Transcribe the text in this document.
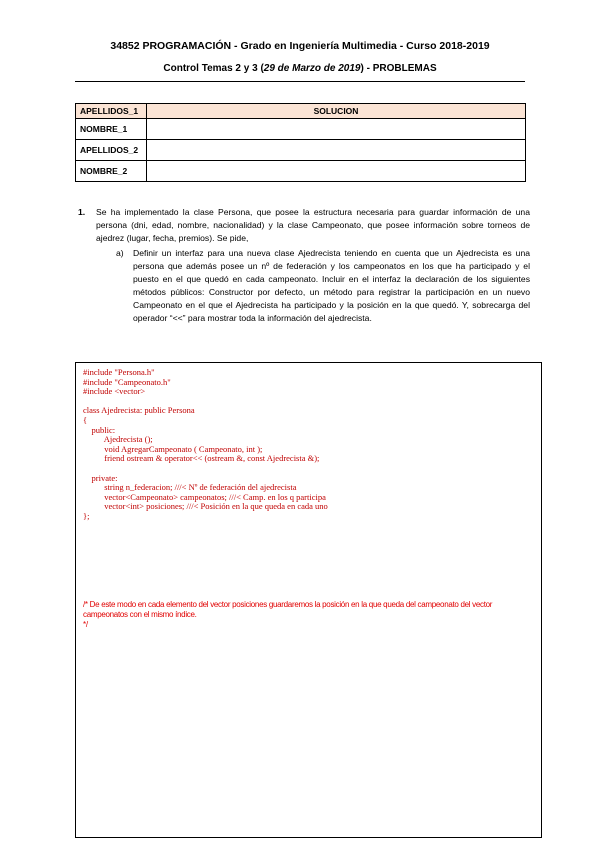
34852 PROGRAMACIÓN - Grado en Ingeniería Multimedia - Curso 2018-2019
Control Temas 2 y 3 (29 de Marzo de 2019) - PROBLEMAS
APELLIDOS_1	SOLUCION
NOMBRE_1	
APELLIDOS_2	
NOMBRE_2	
1. Se ha implementado la clase Persona, que posee la estructura necesaria para guardar información de una persona (dni, edad, nombre, nacionalidad) y la clase Campeonato, que posee información sobre torneos de ajedrez (lugar, fecha, premios). Se pide,
a) Definir un interfaz para una nueva clase Ajedrecista teniendo en cuenta que un Ajedrecista es una persona que además posee un nº de federación y los campeonatos en los que ha participado y el puesto en el que quedó en cada campeonato. Incluir en el interfaz la declaración de los siguientes métodos públicos: Constructor por defecto, un método para registrar la participación en un nuevo Campeonato en el que el Ajedrecista ha participado y la posición en la que quedó. Y, sobrecarga del operador “<<” para mostrar toda la información del ajedrecista.
#include "Persona.h"
#include "Campeonato.h"
#include <vector>

class Ajedrecista: public Persona
{
public:
Ajedrecista ();
void AgregarCampeonato ( Campeonato, int );
friend ostream & operator<< (ostream &, const Ajedrecista &);

private:
string n_federacion; ///< Nº de federación del ajedrecista
vector<Campeonato> campeonatos; ///< Camp. en los q participa
vector<int> posiciones; ///< Posición en la que queda en cada uno
};
/* De este modo en cada elemento del vector posiciones guardaremos la posición en la que queda del campeonato del vector campeonatos con el mismo índice.
*/
